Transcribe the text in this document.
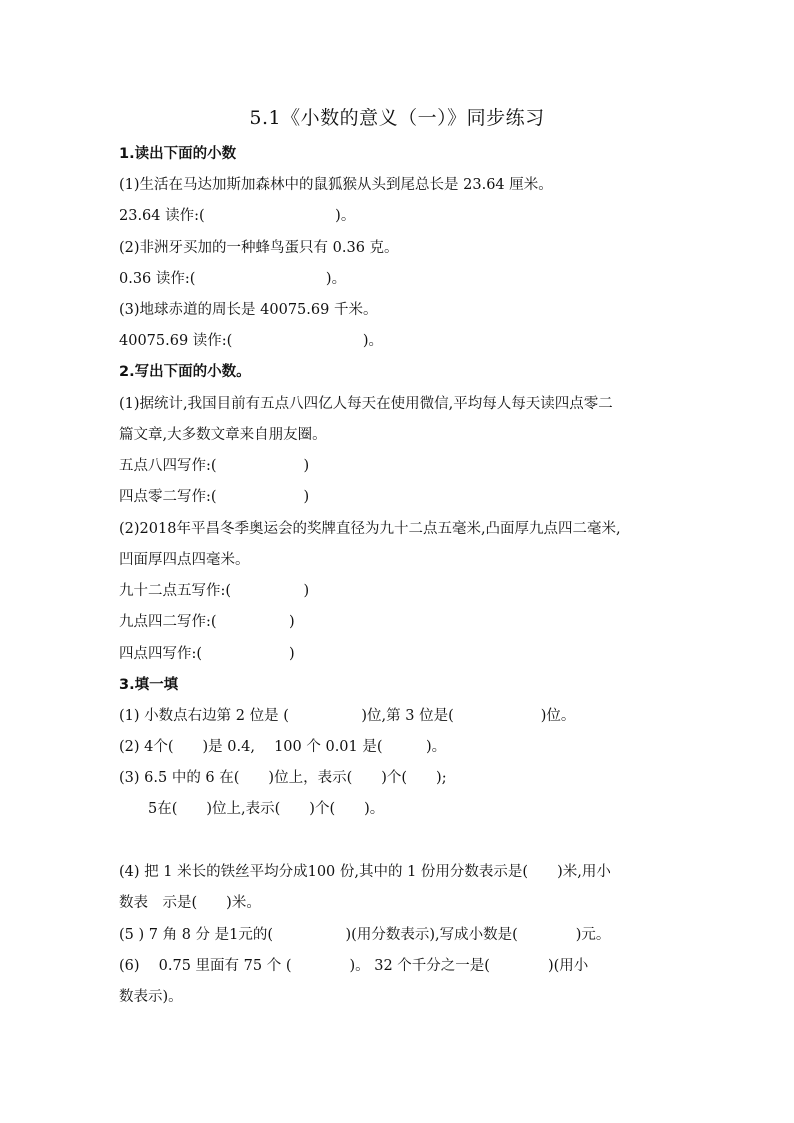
5.1《小数的意义（一）》同步练习

1.读出下面的小数

(1)生活在马达加斯加森林中的鼠狐猴从头到尾总长是 23.64 厘米。

23.64 读作:(　　　　　　　　　)。

(2)非洲牙买加的一种蜂鸟蛋只有 0.36 克。

0.36 读作:(　　　　　　　　　)。

(3)地球赤道的周长是 40075.69 千米。

40075.69 读作:(　　　　　　　　　)。

2.写出下面的小数。

(1)据统计,我国目前有五点八四亿人每天在使用微信,平均每人每天读四点零二

篇文章,大多数文章来自朋友圈。

五点八四写作:(　　　　　　)

四点零二写作:(　　　　　　)

(2)2018年平昌冬季奥运会的奖牌直径为九十二点五毫米,凸面厚九点四二毫米,

凹面厚四点四毫米。

九十二点五写作:(　　　　　)

九点四二写作:(　　　　　)

四点四写作:(　　　　　　)

3.填一填

(1) 小数点右边第 2 位是 (　　　　　)位,第 3 位是(　　　　　　)位。

(2) 4个(　　)是 0.4,　 100 个 0.01 是(　　　)。

(3) 6.5 中的 6 在(　　)位上，表示(　　)个(　　);

　　5在(　　)位上,表示(　　)个(　　)。

(4) 把 1 米长的铁丝平均分成100 份,其中的 1 份用分数表示是(　　)米,用小

数表　示是(　　)米。

(5 ) 7 角 8 分 是1元的(　　　　　)(用分数表示),写成小数是(　　　　)元。

(6)　 0.75 里面有 75 个 (　　　　)。 32 个千分之一是(　　　　)(用小

数表示)。
